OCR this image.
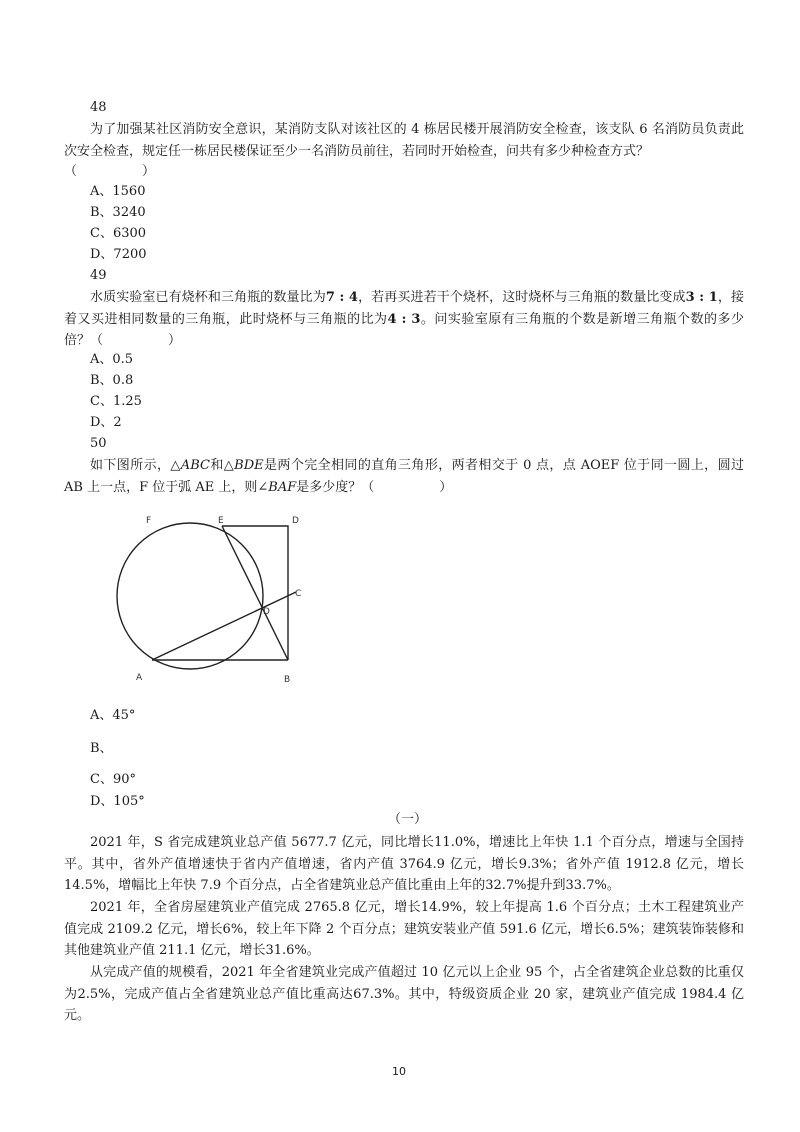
48
为了加强某社区消防安全意识，某消防支队对该社区的 4 栋居民楼开展消防安全检查，该支队 6 名消防员负责此次安全检查，规定任一栋居民楼保证至少一名消防员前往，若同时开始检查，问共有多少种检查方式？
（　　　　　）
A、1560
B、3240
C、6300
D、7200
49
水质实验室已有烧杯和三角瓶的数量比为7 : 4，若再买进若干个烧杯，这时烧杯与三角瓶的数量比变成3 : 1，接着又买进相同数量的三角瓶，此时烧杯与三角瓶的比为4 : 3。问实验室原有三角瓶的个数是新增三角瓶个数的多少倍？（　　　　　）
A、0.5
B、0.8
C、1.25
D、2
50
如下图所示，△ABC和△BDE是两个完全相同的直角三角形，两者相交于 0 点，点 AOEF 位于同一圆上，圆过 AB 上一点，F 位于弧 AE 上，则∠BAF是多少度？（　　　　　）
F	E	D
C
D
A	B
A、45°
B、
C、90°
D、105°
（一）
2021 年，S 省完成建筑业总产值 5677.7 亿元，同比增长11.0%，增速比上年快 1.1 个百分点，增速与全国持平。其中，省外产值增速快于省内产值增速，省内产值 3764.9 亿元，增长9.3%；省外产值 1912.8 亿元，增长14.5%，增幅比上年快 7.9 个百分点，占全省建筑业总产值比重由上年的32.7%提升到33.7%。
2021 年，全省房屋建筑业产值完成 2765.8 亿元，增长14.9%，较上年提高 1.6 个百分点；土木工程建筑业产值完成 2109.2 亿元，增长6%，较上年下降 2 个百分点；建筑安装业产值 591.6 亿元，增长6.5%；建筑装饰装修和其他建筑业产值 211.1 亿元，增长31.6%。
从完成产值的规模看，2021 年全省建筑业完成产值超过 10 亿元以上企业 95 个，占全省建筑企业总数的比重仅为2.5%，完成产值占全省建筑业总产值比重高达67.3%。其中，特级资质企业 20 家，建筑业产值完成 1984.4 亿元。
10
